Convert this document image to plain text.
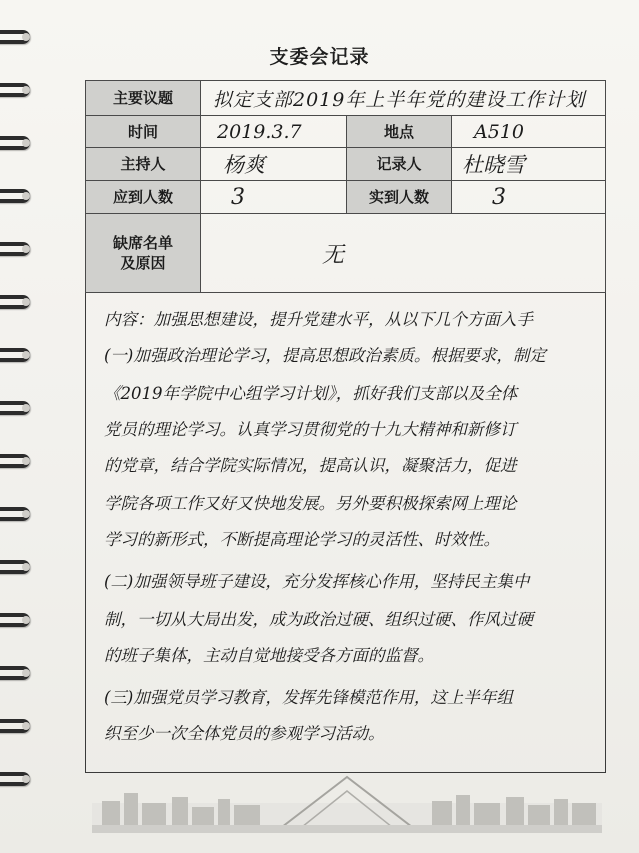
支委会记录
主要议题	拟定支部2019年上半年党的建设工作计划
时间	2019.3.7	地点	A510
主持人	杨爽	记录人	杜晓雪
应到人数	3	实到人数	3
缺席名单
及原因	无
内容：加强思想建设，提升党建水平，从以下几个方面入手
(一)加强政治理论学习，提高思想政治素质。根据要求，制定
《2019年学院中心组学习计划》，抓好我们支部以及全体
党员的理论学习。认真学习贯彻党的十九大精神和新修订
的党章，结合学院实际情况，提高认识，凝聚活力，促进
学院各项工作又好又快地发展。另外要积极探索网上理论
学习的新形式，不断提高理论学习的灵活性、时效性。
(二)加强领导班子建设，充分发挥核心作用，坚持民主集中
制，一切从大局出发，成为政治过硬、组织过硬、作风过硬
的班子集体，主动自觉地接受各方面的监督。
(三)加强党员学习教育，发挥先锋模范作用，这上半年组
织至少一次全体党员的参观学习活动。
